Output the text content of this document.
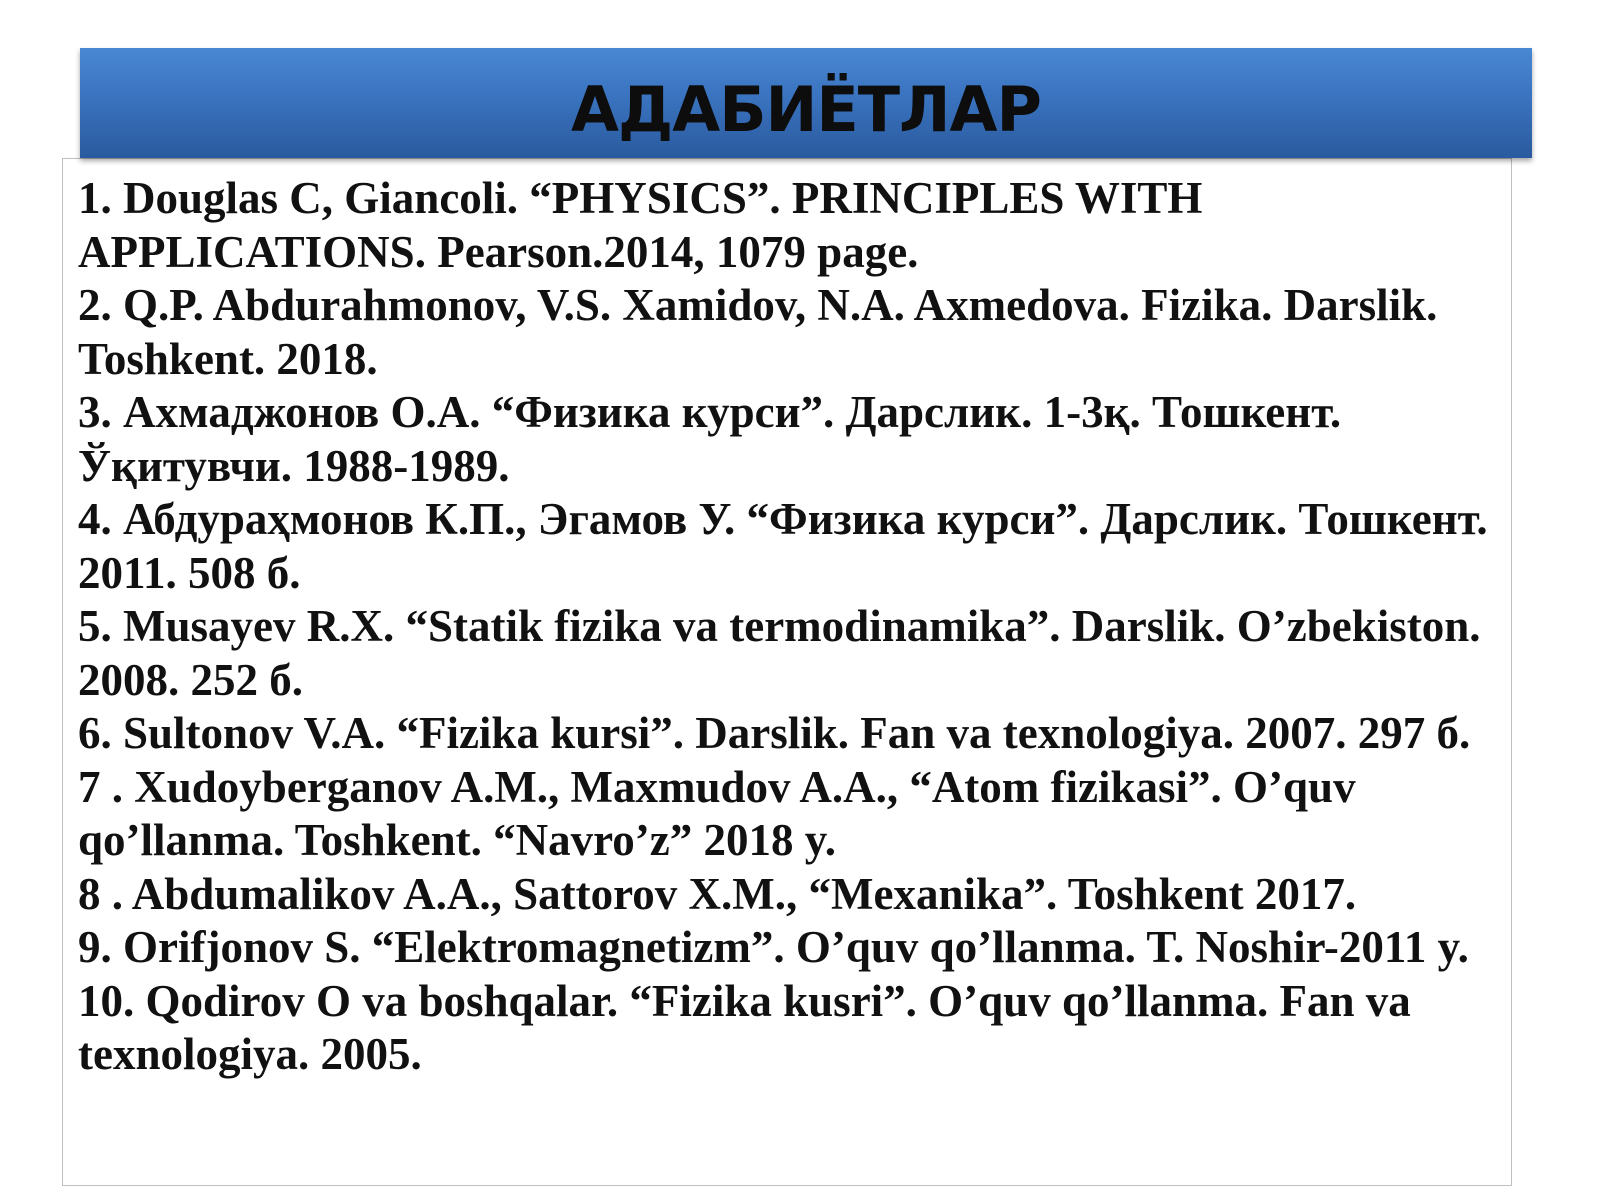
АДАБИЁТЛАР
1. Douglas C, Giancoli. “PHYSICS”. PRINCIPLES WITH APPLICATIONS. Pearson.2014, 1079 page.
2. Q.P. Abdurahmonov, V.S. Xamidov, N.A. Axmedova. Fizika. Darslik. Toshkent. 2018.
3. Ахмаджонов О.А. “Физика курси”. Дарслик. 1-3қ. Тошкент. Ўқитувчи. 1988-1989.
4. Абдураҳмонов К.П., Эгамов У. “Физика курси”. Дарслик. Тошкент. 2011. 508 б.
5. Musayev R.X. “Statik fizika va termodinamika”. Darslik. O’zbekiston. 2008. 252 б.
6. Sultonov V.A. “Fizika kursi”. Darslik. Fan va texnologiya. 2007. 297 б.
7 . Xudoyberganov A.M., Maxmudov A.A., “Atom fizikasi”. O’quv qo’llanma. Toshkent. “Navro’z” 2018 y.
8 . Abdumalikov A.A., Sattorov X.M., “Mexanika”. Toshkent 2017.
9. Orifjonov S. “Elektromagnetizm”. O’quv qo’llanma. T. Noshir-2011 y.
10. Qodirov O va boshqalar. “Fizika kusri”. O’quv qo’llanma. Fan va texnologiya. 2005.
